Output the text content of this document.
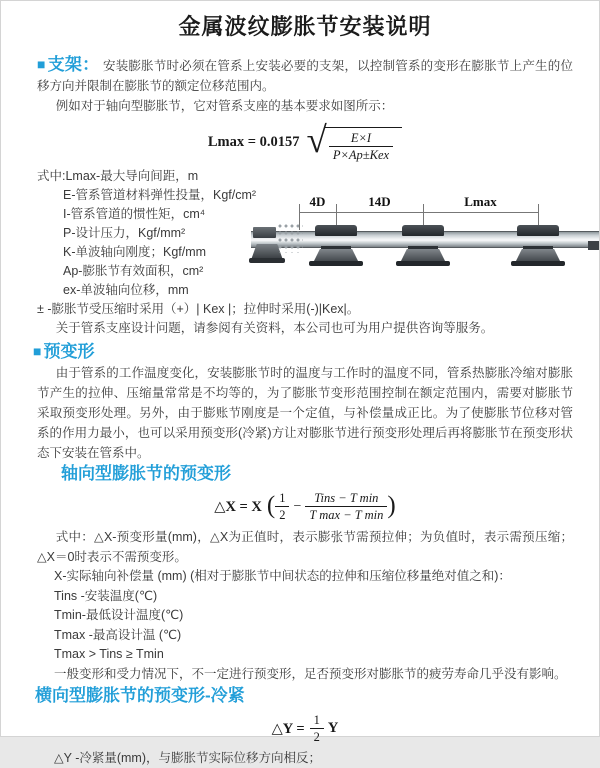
金属波纹膨胀节安装说明

■ 支架： 安装膨胀节时必须在管系上安装必要的支架，以控制管系的变形在膨胀节上产生的位移方向并限制在膨胀节的额定位移范围内。

例如对于轴向型膨胀节，它对管系支座的基本要求如图所示：

Lmax = 0.0157 √ $\frac{E\times I}{\text{P×Ap±Kex}}$
式中:Lmax-最大导向间距，m
E-管系管道材料弹性投量，Kgf/cm²
I-管系管道的惯性矩，cm⁴
P-设计压力，Kgf/mm²
K-单波轴向刚度；Kgf/mm
Ap-膨胀节有效面积，cm²
ex-单波轴向位移，mm
± -膨胀节受压缩时采用（+）| Kex |；拉伸时采用(-)|Kex|。
关于管系支座设计问题，请参阅有关资料，本公司也可为用户提供咨询等服务。
■ 预变形

由于管系的工作温度变化，安装膨胀节时的温度与工作时的温度不同，管系热膨胀冷缩对膨胀节产生的拉伸、压缩量常常是不均等的，为了膨胀节变形范围控制在额定范围内，需要对膨胀节采取预变形处理。另外，由于膨账节刚度是一个定值，与补偿量成正比。为了使膨胀节位移对管系的作用力最小，也可以采用预变形(冷紧)方让对膨胀节进行预变形处理后再将膨胀节在预变形状态下安装在管系中。

轴向型膨胀节的预变形
△X = X ( $\frac{1}{2} - \frac{\text{Tins − T min}}{\text{T max − T min}}$ )

式中：△X-预变形量(mm)，△X为正值时，表示膨张节需预拉伸；为负值时，表示需预压缩；△X＝0时表示不需预变形。

X-实际轴向补偿量 (mm) (相对于膨胀节中间状态的拉伸和压缩位移量绝对值之和)：
Tins -安装温度(℃)
Tmin-最低设计温度(℃)
Tmax -最高设计温 (℃)
Tmax > Tins ≥ Tmin
一般变形和受力情况下，不一定进行预变形，足否预变形对膨胀节的疲劳寿命几乎没有影响。
横向型膨胀节的预变形-冷紧
△Y = $\frac{1}{2}$ Y
△Y -冷紧量(mm)，与膨胀节实际位移方向相反；
4D	14D	Lmax
